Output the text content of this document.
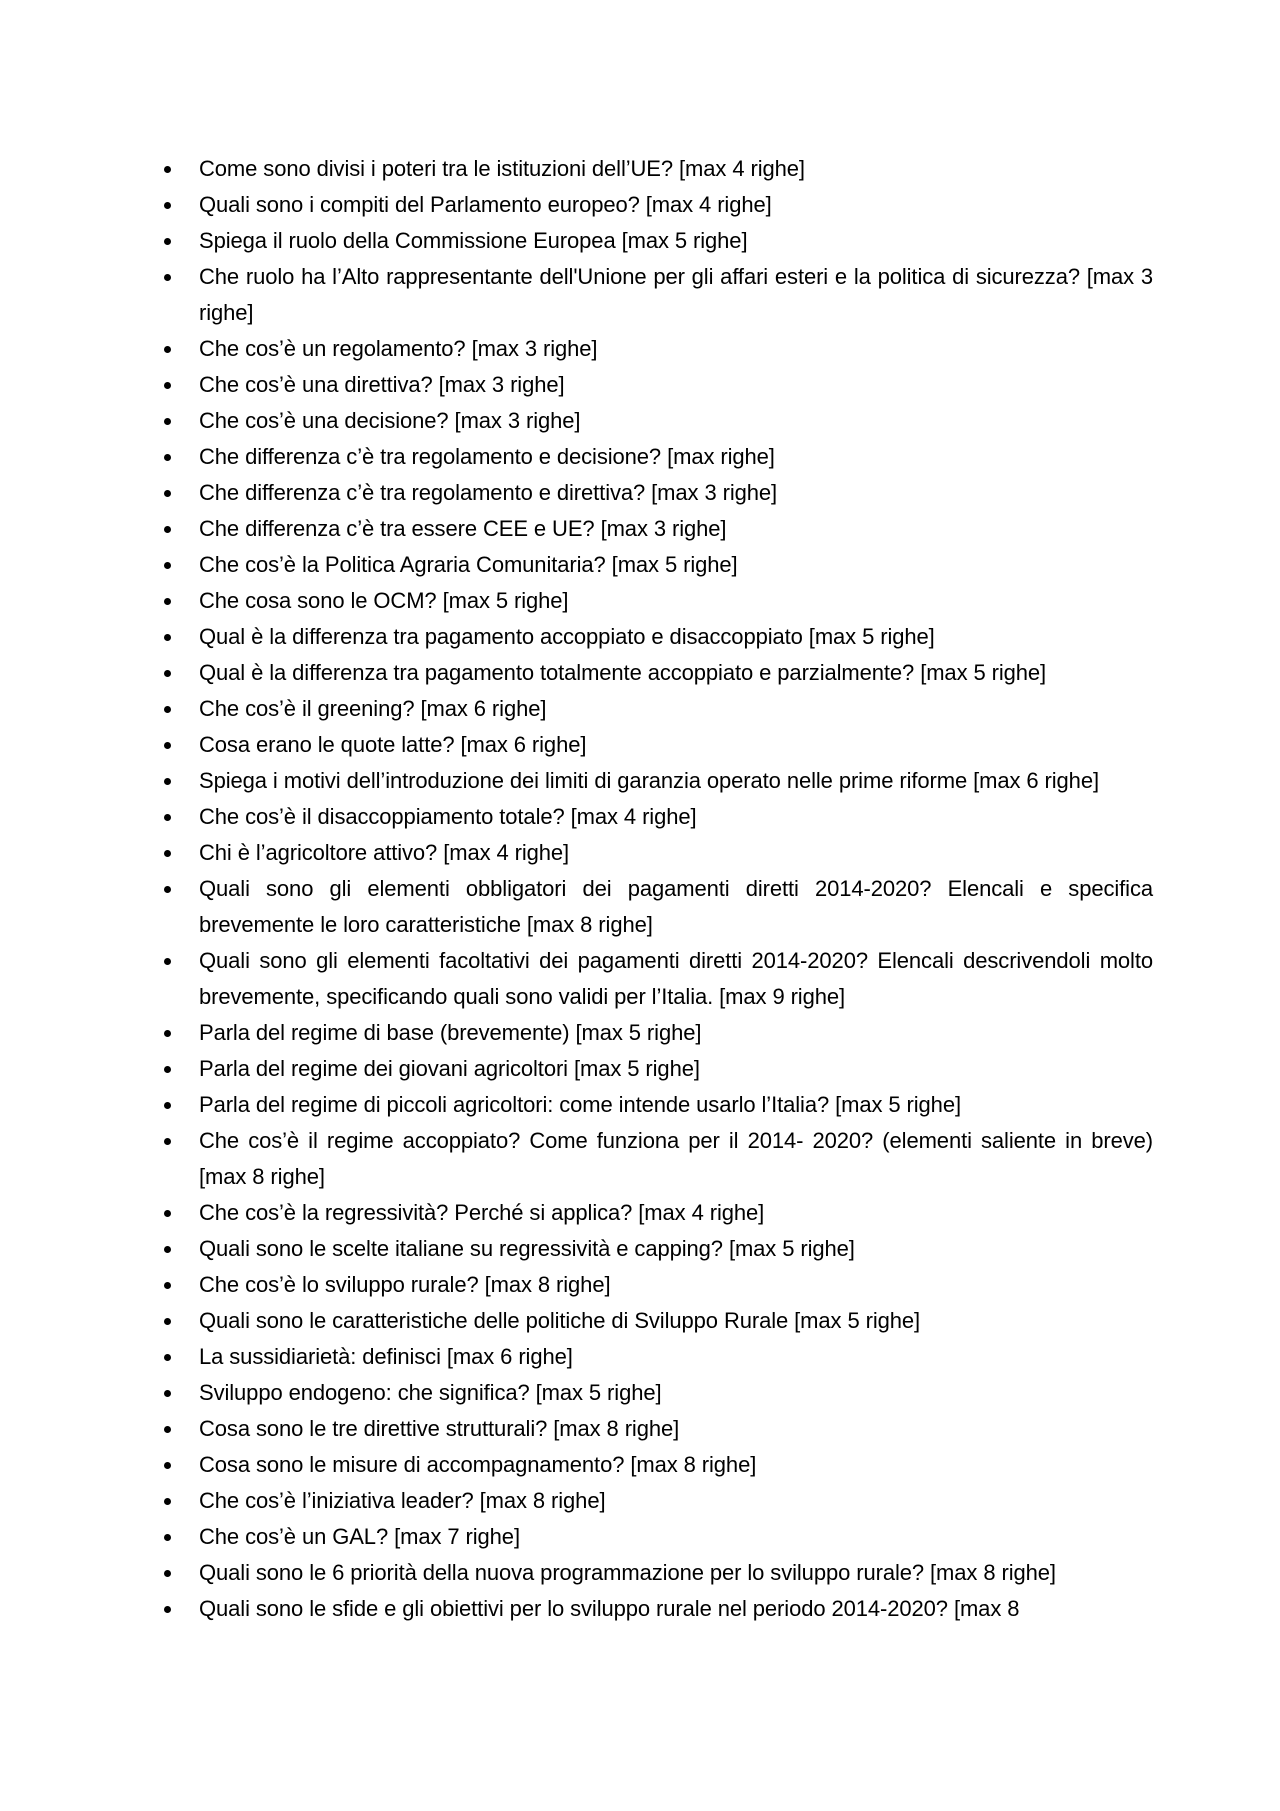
Come sono divisi i poteri tra le istituzioni dell’UE? [max 4 righe]
Quali sono i compiti del Parlamento europeo? [max 4 righe]
Spiega il ruolo della Commissione Europea [max 5 righe]
Che ruolo ha l’Alto rappresentante dell'Unione per gli affari esteri e la politica di sicurezza? [max 3 righe]
Che cos’è un regolamento? [max 3 righe]
Che cos’è una direttiva? [max 3 righe]
Che cos’è una decisione? [max 3 righe]
Che differenza c’è tra regolamento e decisione? [max righe]
Che differenza c’è tra regolamento e direttiva? [max 3 righe]
Che differenza c’è tra essere CEE e UE? [max 3 righe]
Che cos’è la Politica Agraria Comunitaria? [max 5 righe]
Che cosa sono le OCM? [max 5 righe]
Qual è la differenza tra pagamento accoppiato e disaccoppiato [max 5 righe]
Qual è la differenza tra pagamento totalmente accoppiato e parzialmente? [max 5 righe]
Che cos’è il greening? [max 6 righe]
Cosa erano le quote latte? [max 6 righe]
Spiega i motivi dell’introduzione dei limiti di garanzia operato nelle prime riforme [max 6 righe]
Che cos’è il disaccoppiamento totale? [max 4 righe]
Chi è l’agricoltore attivo? [max 4 righe]
Quali sono gli elementi obbligatori dei pagamenti diretti 2014-2020? Elencali e specifica brevemente le loro caratteristiche [max 8 righe]
Quali sono gli elementi facoltativi dei pagamenti diretti 2014-2020? Elencali descrivendoli molto brevemente, specificando quali sono validi per l’Italia. [max 9 righe]
Parla del regime di base (brevemente) [max 5 righe]
Parla del regime dei giovani agricoltori [max 5 righe]
Parla del regime di piccoli agricoltori: come intende usarlo l’Italia? [max 5 righe]
Che cos’è il regime accoppiato? Come funziona per il 2014- 2020? (elementi saliente in breve) [max 8 righe]
Che cos’è la regressività? Perché si applica? [max 4 righe]
Quali sono le scelte italiane su regressività e capping? [max 5 righe]
Che cos’è lo sviluppo rurale? [max 8 righe]
Quali sono le caratteristiche delle politiche di Sviluppo Rurale [max 5 righe]
La sussidiarietà: definisci [max 6 righe]
Sviluppo endogeno: che significa? [max 5 righe]
Cosa sono le tre direttive strutturali? [max 8 righe]
Cosa sono le misure di accompagnamento? [max 8 righe]
Che cos’è l’iniziativa leader? [max 8 righe]
Che cos’è un GAL? [max 7 righe]
Quali sono le 6 priorità della nuova programmazione per lo sviluppo rurale? [max 8 righe]
Quali sono le sfide e gli obiettivi per lo sviluppo rurale nel periodo 2014-2020? [max 8
